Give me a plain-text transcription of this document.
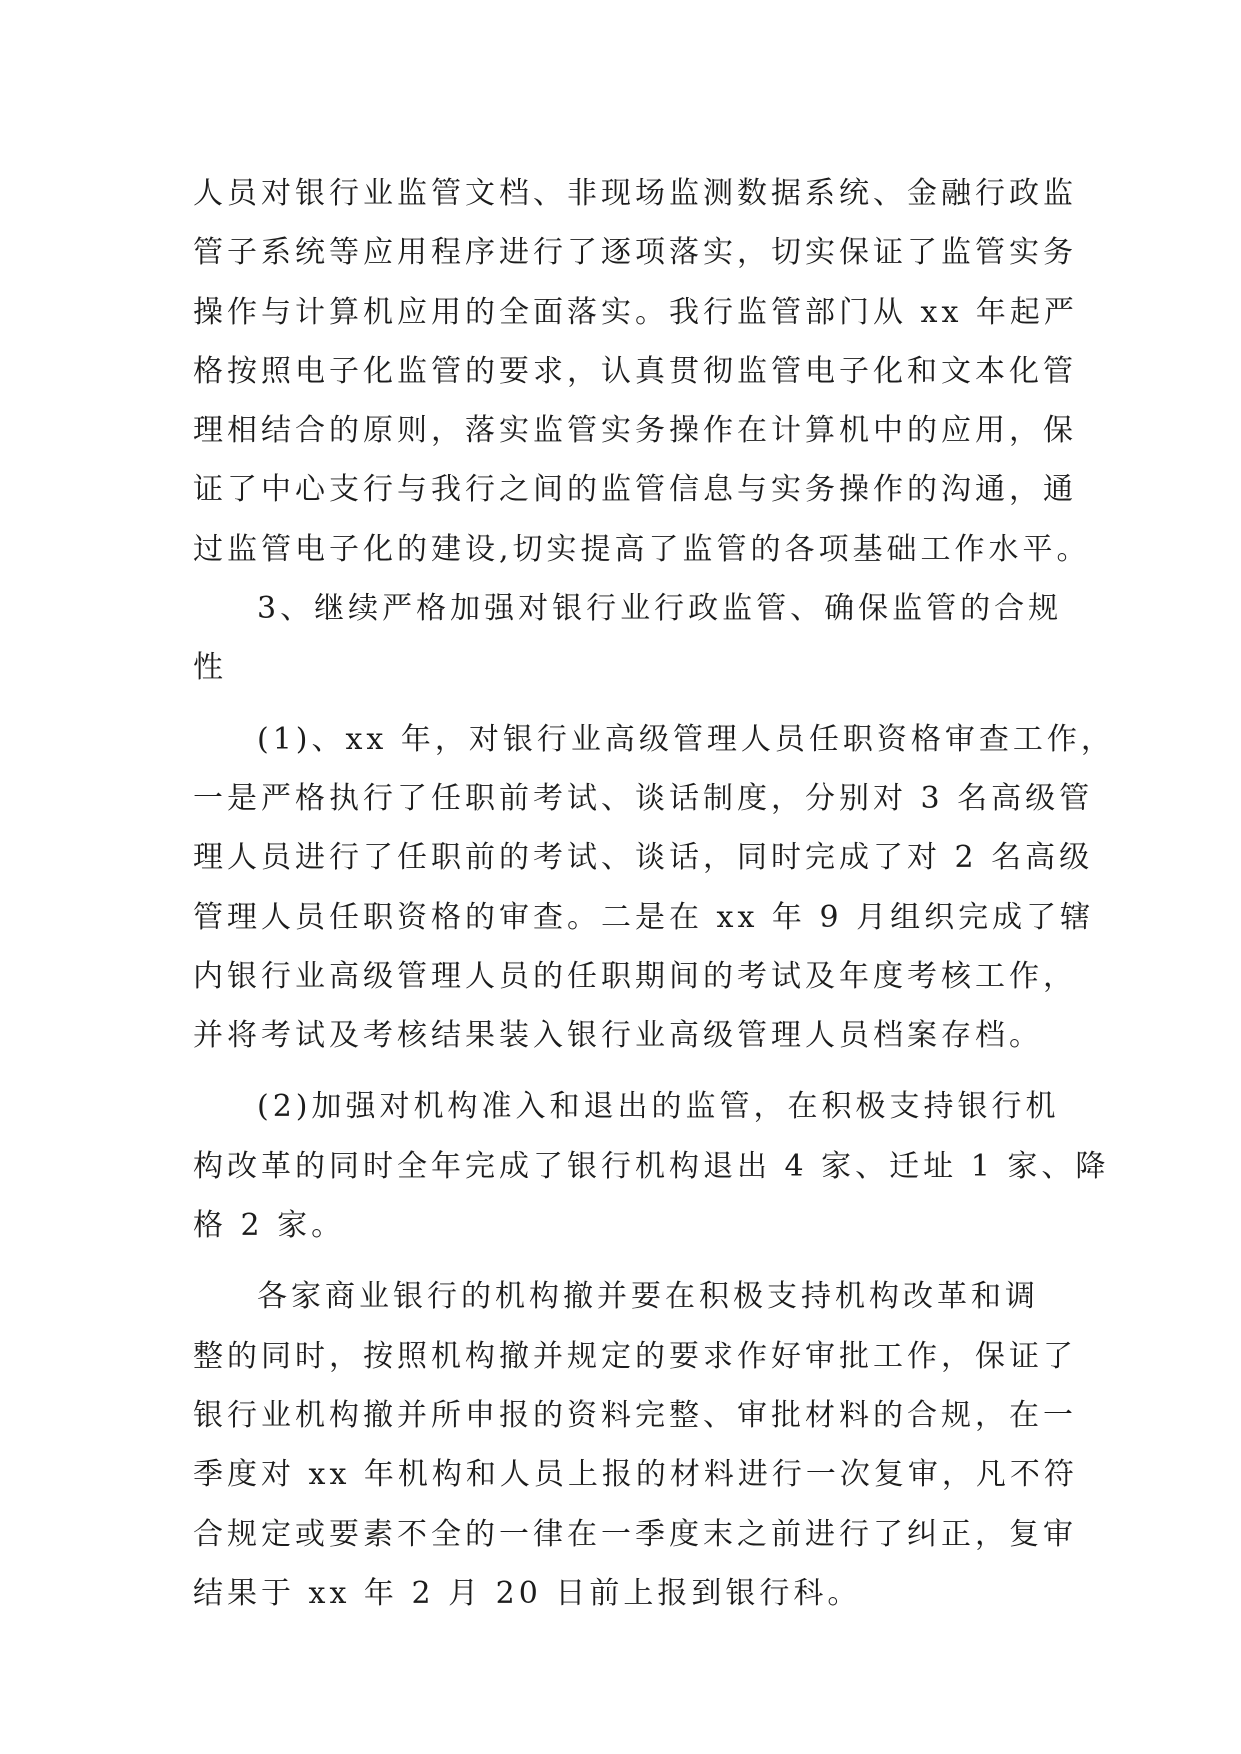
人员对银行业监管文档、非现场监测数据系统、金融行政监
管子系统等应用程序进行了逐项落实，切实保证了监管实务
操作与计算机应用的全面落实。我行监管部门从 xx 年起严
格按照电子化监管的要求，认真贯彻监管电子化和文本化管
理相结合的原则，落实监管实务操作在计算机中的应用，保
证了中心支行与我行之间的监管信息与实务操作的沟通，通
过监管电子化的建设,切实提高了监管的各项基础工作水平。
3、继续严格加强对银行业行政监管、确保监管的合规
性
(1)、xx 年，对银行业高级管理人员任职资格审查工作，
一是严格执行了任职前考试、谈话制度，分别对 3 名高级管
理人员进行了任职前的考试、谈话，同时完成了对 2 名高级
管理人员任职资格的审查。二是在 xx 年 9 月组织完成了辖
内银行业高级管理人员的任职期间的考试及年度考核工作，
并将考试及考核结果装入银行业高级管理人员档案存档。
(2)加强对机构准入和退出的监管，在积极支持银行机
构改革的同时全年完成了银行机构退出 4 家、迁址 1 家、降
格 2 家。
各家商业银行的机构撤并要在积极支持机构改革和调
整的同时，按照机构撤并规定的要求作好审批工作，保证了
银行业机构撤并所申报的资料完整、审批材料的合规，在一
季度对 xx 年机构和人员上报的材料进行一次复审，凡不符
合规定或要素不全的一律在一季度末之前进行了纠正，复审
结果于 xx 年 2 月 20 日前上报到银行科。
